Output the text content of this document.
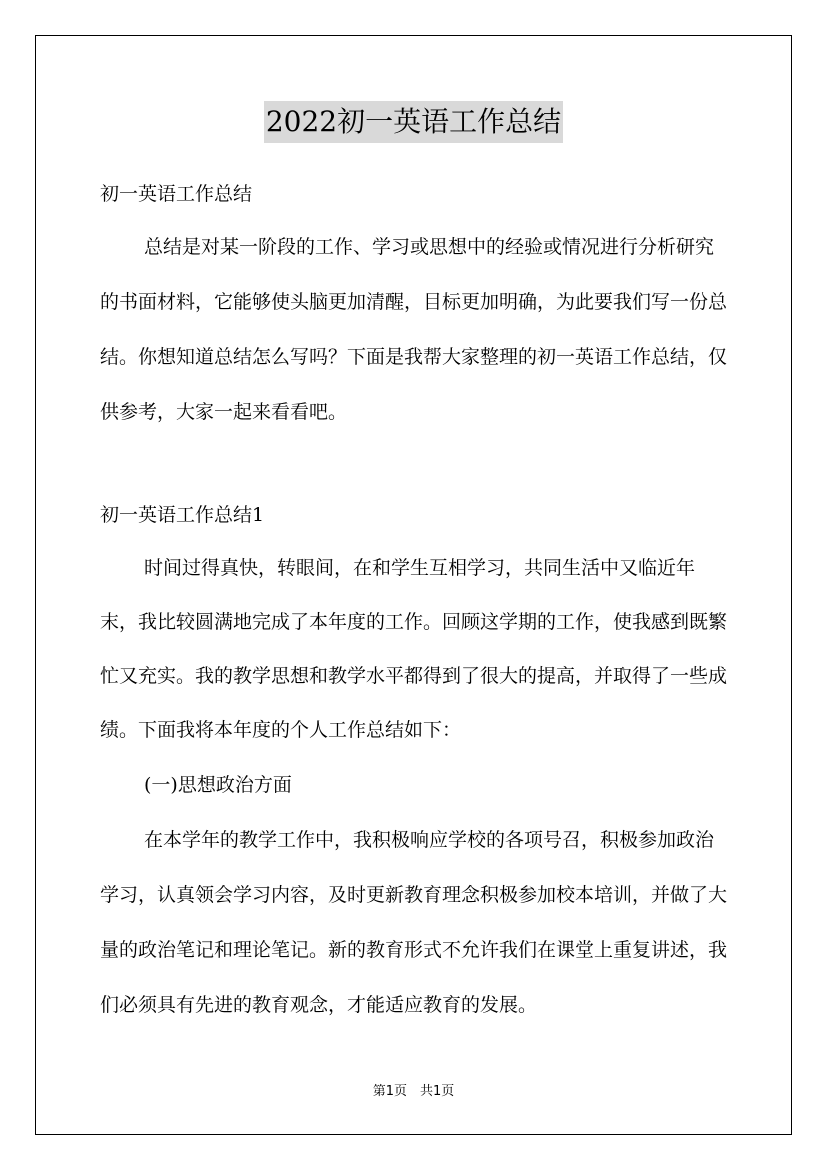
2022初一英语工作总结

初一英语工作总结

总结是对某一阶段的工作、学习或思想中的经验或情况进行分析研究的书面材料，它能够使头脑更加清醒，目标更加明确，为此要我们写一份总结。你想知道总结怎么写吗？下面是我帮大家整理的初一英语工作总结，仅供参考，大家一起来看看吧。

初一英语工作总结1

时间过得真快，转眼间，在和学生互相学习，共同生活中又临近年末，我比较圆满地完成了本年度的工作。回顾这学期的工作，使我感到既繁忙又充实。我的教学思想和教学水平都得到了很大的提高，并取得了一些成绩。下面我将本年度的个人工作总结如下：

(一)思想政治方面

在本学年的教学工作中，我积极响应学校的各项号召，积极参加政治学习，认真领会学习内容，及时更新教育理念积极参加校本培训，并做了大量的政治笔记和理论笔记。新的教育形式不允许我们在课堂上重复讲述，我们必须具有先进的教育观念，才能适应教育的发展。

第1页　共1页
